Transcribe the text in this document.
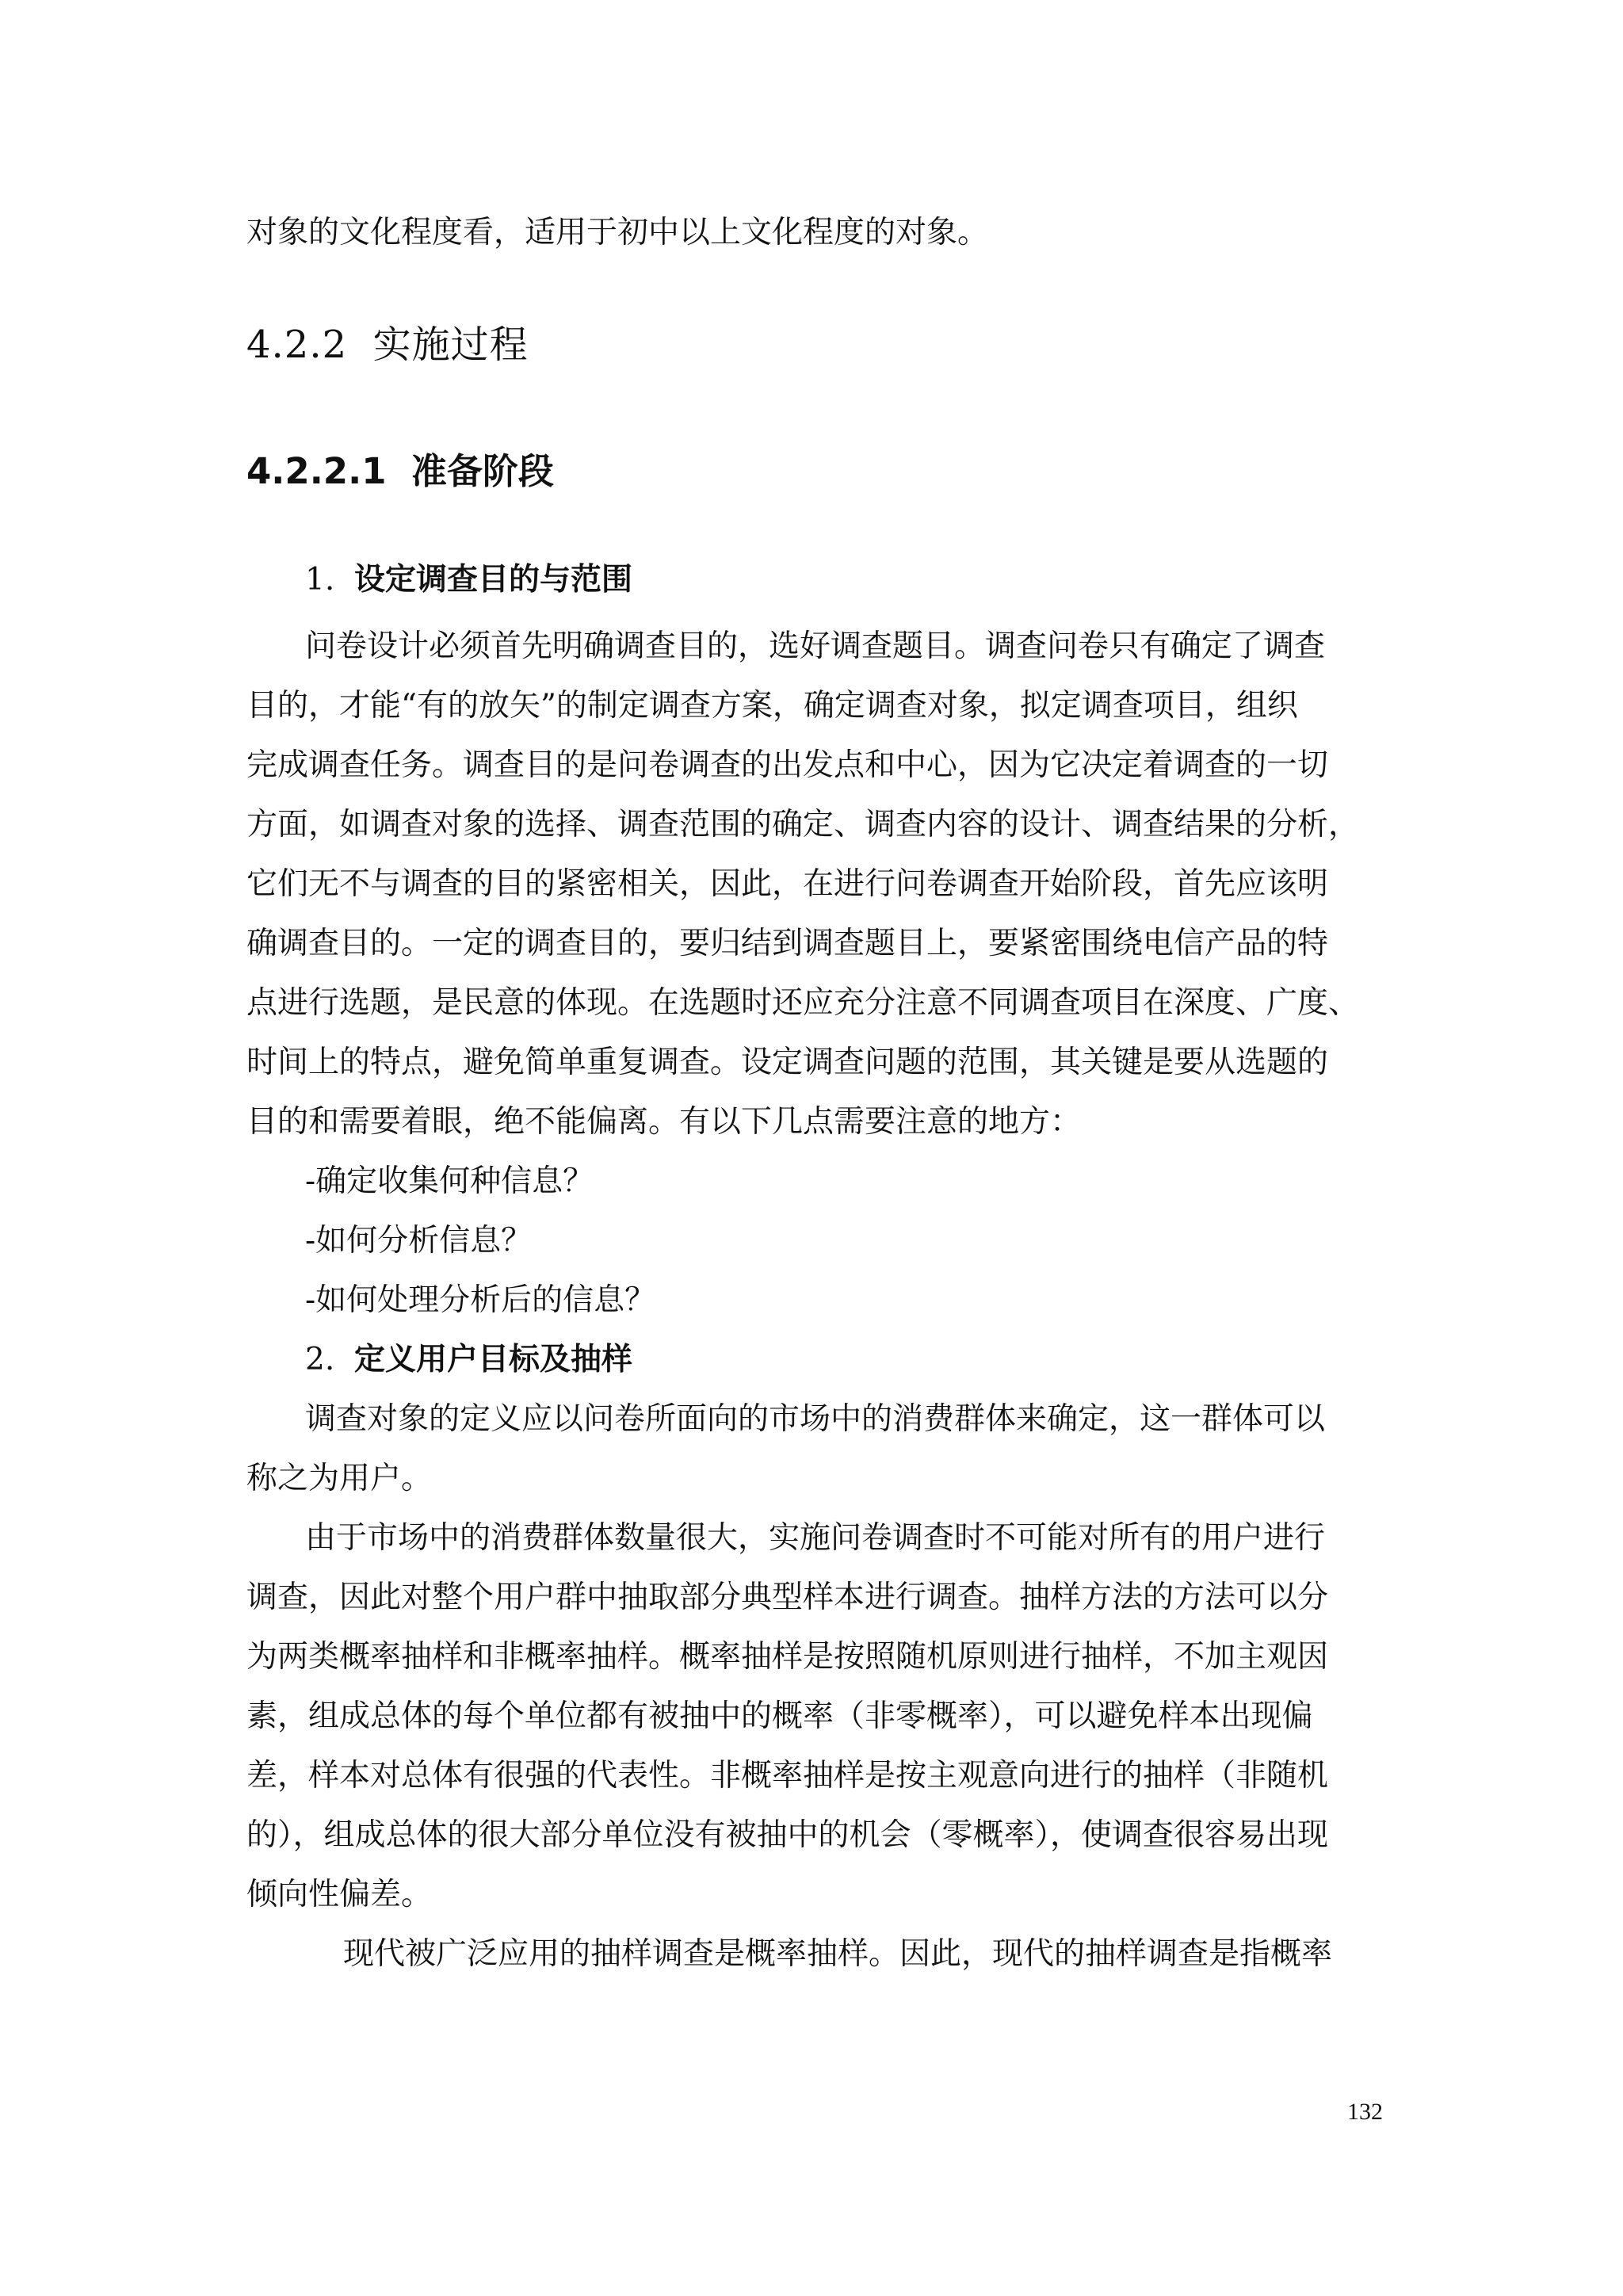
对象的文化程度看，适用于初中以上文化程度的对象。
4.2.2 实施过程
4.2.2.1 准备阶段
1. 设定调查目的与范围
问卷设计必须首先明确调查目的，选好调查题目。调查问卷只有确定了调查
目的，才能“有的放矢”的制定调查方案，确定调查对象，拟定调查项目，组织
完成调查任务。调查目的是问卷调查的出发点和中心，因为它决定着调查的一切
方面，如调查对象的选择、调查范围的确定、调查内容的设计、调查结果的分析，
它们无不与调查的目的紧密相关，因此，在进行问卷调查开始阶段，首先应该明
确调查目的。一定的调查目的，要归结到调查题目上，要紧密围绕电信产品的特
点进行选题，是民意的体现。在选题时还应充分注意不同调查项目在深度、广度、
时间上的特点，避免简单重复调查。设定调查问题的范围，其关键是要从选题的
目的和需要着眼，绝不能偏离。有以下几点需要注意的地方：
-确定收集何种信息？
-如何分析信息？
-如何处理分析后的信息？
2. 定义用户目标及抽样
调查对象的定义应以问卷所面向的市场中的消费群体来确定，这一群体可以
称之为用户。
由于市场中的消费群体数量很大，实施问卷调查时不可能对所有的用户进行
调查，因此对整个用户群中抽取部分典型样本进行调查。抽样方法的方法可以分
为两类概率抽样和非概率抽样。概率抽样是按照随机原则进行抽样，不加主观因
素，组成总体的每个单位都有被抽中的概率（非零概率），可以避免样本出现偏
差，样本对总体有很强的代表性。非概率抽样是按主观意向进行的抽样（非随机
的），组成总体的很大部分单位没有被抽中的机会（零概率），使调查很容易出现
倾向性偏差。
现代被广泛应用的抽样调查是概率抽样。因此，现代的抽样调查是指概率
132
